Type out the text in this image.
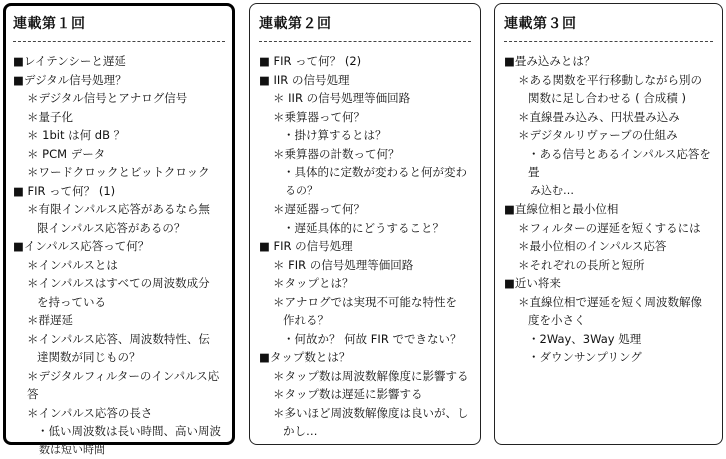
連載第１回
■レイテンシーと遅延
■デジタル信号処理？
＊デジタル信号とアナログ信号
＊量子化
＊ 1bit は何 dB ？
＊ PCM データ
＊ワードクロックとビットクロック
■ FIR って何？ (1)
＊有限インパルス応答があるなら無
限インパルス応答があるの？
■インパルス応答って何？
＊インパルスとは
＊インパルスはすべての周波数成分
を持っている
＊群遅延
＊インパルス応答、周波数特性、伝
達関数が同じもの？
＊デジタルフィルターのインパルス応答
＊インパルス応答の長さ
・低い周波数は長い時間、高い周波
数は短い時間
連載第２回
■ FIR って何？ (2)
■ IIR の信号処理
＊ IIR の信号処理等価回路
＊乗算器って何？
・掛け算するとは？
＊乗算器の計数って何？
・具体的に定数が変わると何が変わ
るの？
＊遅延器って何？
・遅延具体的にどうすること？
■ FIR の信号処理
＊ FIR の信号処理等価回路
＊タップとは？
＊アナログでは実現不可能な特性を
作れる？
・何故か？ 何故 FIR でできない？
■タップ数とは？
＊タップ数は周波数解像度に影響する
＊タップ数は遅延に影響する
＊多いほど周波数解像度は良いが、し
かし…
連載第３回
■畳み込みとは？
＊ある関数を平行移動しながら別の
関数に足し合わせる ( 合成積 )
＊直線畳み込み、円状畳み込み
＊デジタルリヴァーブの仕組み
・ある信号とあるインパルス応答を畳
み込む…
■直線位相と最小位相
＊フィルターの遅延を短くするには
＊最小位相のインパルス応答
＊それぞれの長所と短所
■近い将来
＊直線位相で遅延を短く周波数解像
度を小さく
・2Way、3Way 処理
・ダウンサンプリング
